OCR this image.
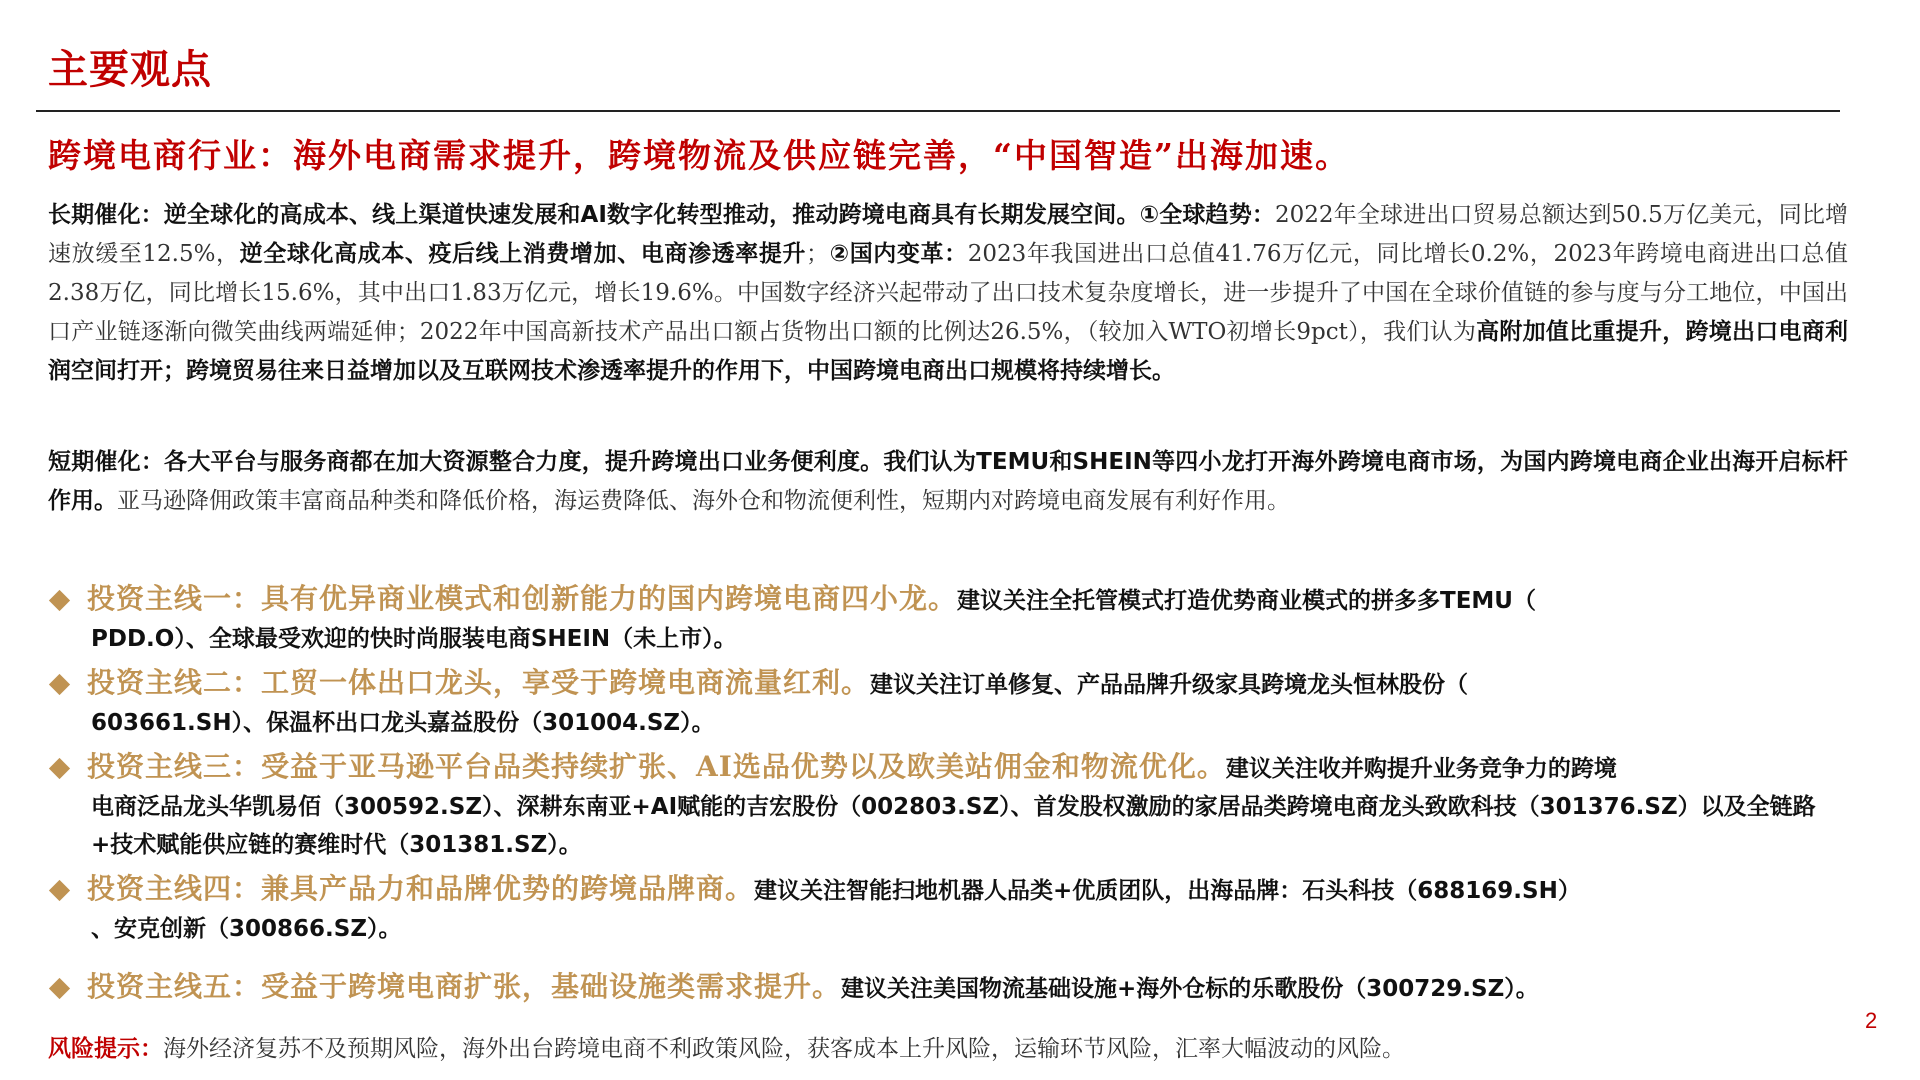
主要观点
跨境电商行业：海外电商需求提升，跨境物流及供应链完善，“中国智造”出海加速。

长期催化：逆全球化的高成本、线上渠道快速发展和AI数字化转型推动，推动跨境电商具有长期发展空间。①全球趋势：2022年全球进出口贸易总额达到50.5万亿美元，同比增速放缓至12.5%，逆全球化高成本、疫后线上消费增加、电商渗透率提升；②国内变革：2023年我国进出口总值41.76万亿元，同比增长0.2%，2023年跨境电商进出口总值2.38万亿，同比增长15.6%，其中出口1.83万亿元，增长19.6%。中国数字经济兴起带动了出口技术复杂度增长，进一步提升了中国在全球价值链的参与度与分工地位，中国出口产业链逐渐向微笑曲线两端延伸；2022年中国高新技术产品出口额占货物出口额的比例达26.5%，（较加入WTO初增长9pct），我们认为高附加值比重提升，跨境出口电商利润空间打开；跨境贸易往来日益增加以及互联网技术渗透率提升的作用下，中国跨境电商出口规模将持续增长。

短期催化：各大平台与服务商都在加大资源整合力度，提升跨境出口业务便利度。我们认为TEMU和SHEIN等四小龙打开海外跨境电商市场，为国内跨境电商企业出海开启标杆作用。亚马逊降佣政策丰富商品种类和降低价格，海运费降低、海外仓和物流便利性，短期内对跨境电商发展有利好作用。

投资主线一：具有优异商业模式和创新能力的国内跨境电商四小龙。建议关注全托管模式打造优势商业模式的拼多多TEMU（
PDD.O）、全球最受欢迎的快时尚服装电商SHEIN（未上市）。
投资主线二：工贸一体出口龙头，享受于跨境电商流量红利。建议关注订单修复、产品品牌升级家具跨境龙头恒林股份（
603661.SH）、保温杯出口龙头嘉益股份（301004.SZ）。
投资主线三：受益于亚马逊平台品类持续扩张、AI选品优势以及欧美站佣金和物流优化。建议关注收并购提升业务竞争力的跨境
电商泛品龙头华凯易佰（300592.SZ）、深耕东南亚+AI赋能的吉宏股份（002803.SZ）、首发股权激励的家居品类跨境电商龙头致欧科技（301376.SZ）以及全链路+技术赋能供应链的赛维时代（301381.SZ）。
投资主线四：兼具产品力和品牌优势的跨境品牌商。建议关注智能扫地机器人品类+优质团队，出海品牌：石头科技（688169.SH）
、安克创新（300866.SZ）。
投资主线五：受益于跨境电商扩张，基础设施类需求提升。建议关注美国物流基础设施+海外仓标的乐歌股份（300729.SZ）。
2

风险提示：海外经济复苏不及预期风险，海外出台跨境电商不利政策风险，获客成本上升风险，运输环节风险，汇率大幅波动的风险。
